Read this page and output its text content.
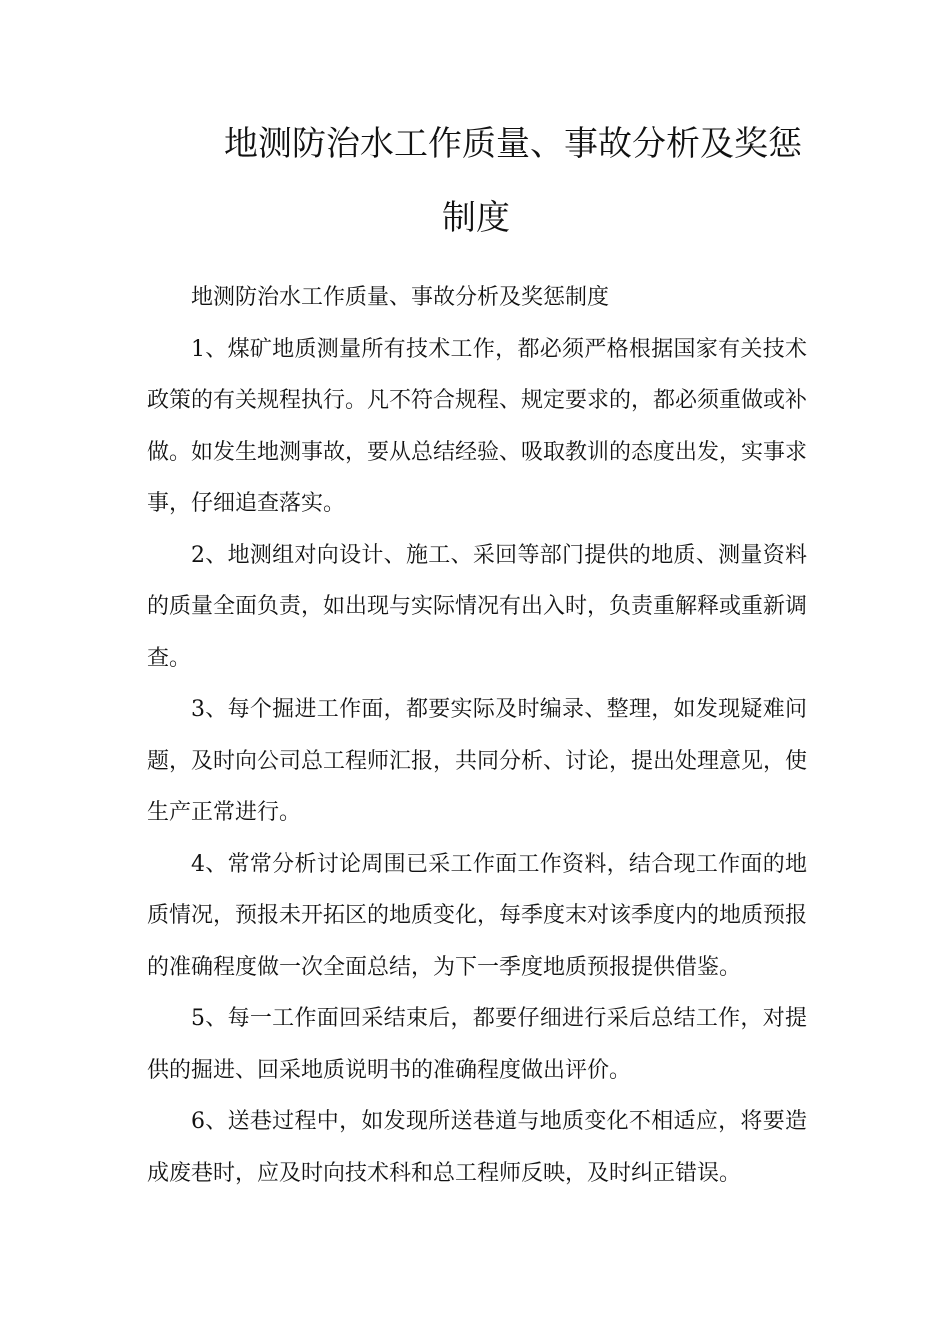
地测防治水工作质量、事故分析及奖惩
制度

地测防治水工作质量、事故分析及奖惩制度

1、煤矿地质测量所有技术工作，都必须严格根据国家有关技术政策的有关规程执行。凡不符合规程、规定要求的，都必须重做或补做。如发生地测事故，要从总结经验、吸取教训的态度出发，实事求事，仔细追查落实。

2、地测组对向设计、施工、采回等部门提供的地质、测量资料的质量全面负责，如出现与实际情况有出入时，负责重解释或重新调查。

3、每个掘进工作面，都要实际及时编录、整理，如发现疑难问题，及时向公司总工程师汇报，共同分析、讨论，提出处理意见，使生产正常进行。

4、常常分析讨论周围已采工作面工作资料，结合现工作面的地质情况，预报未开拓区的地质变化，每季度末对该季度内的地质预报的准确程度做一次全面总结，为下一季度地质预报提供借鉴。

5、每一工作面回采结束后，都要仔细进行采后总结工作，对提供的掘进、回采地质说明书的准确程度做出评价。

6、送巷过程中，如发现所送巷道与地质变化不相适应，将要造成废巷时，应及时向技术科和总工程师反映，及时纠正错误。
